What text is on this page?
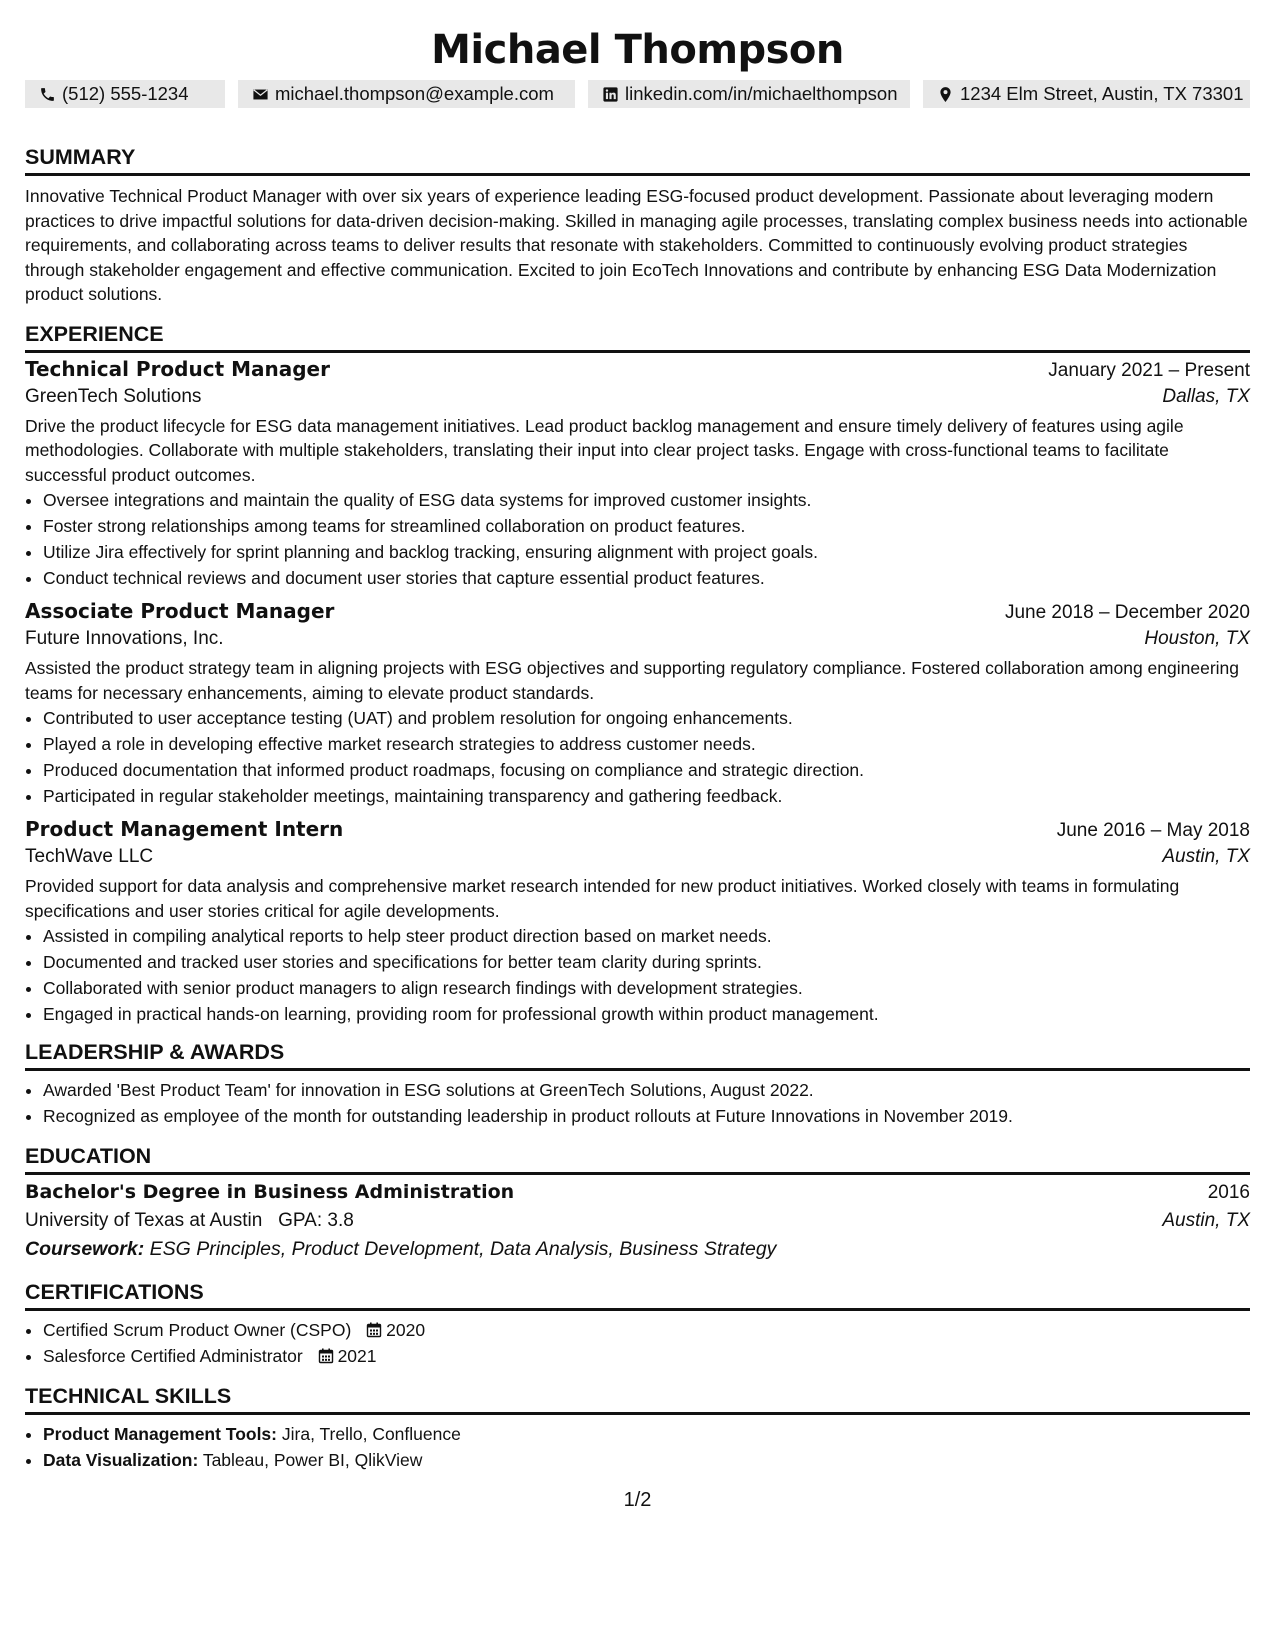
Michael Thompson
(512) 555-1234	michael.thompson@example.com	linkedin.com/in/michaelthompson	1234 Elm Street, Austin, TX 73301
SUMMARY

Innovative Technical Product Manager with over six years of experience leading ESG-focused product development. Passionate about leveraging modern practices to drive impactful solutions for data-driven decision-making. Skilled in managing agile processes, translating complex business needs into actionable requirements, and collaborating across teams to deliver results that resonate with stakeholders. Committed to continuously evolving product strategies through stakeholder engagement and effective communication. Excited to join EcoTech Innovations and contribute by enhancing ESG Data Modernization product solutions.

EXPERIENCE
Technical Product Manager	January 2021 – Present
GreenTech Solutions	Dallas, TX

Drive the product lifecycle for ESG data management initiatives. Lead product backlog management and ensure timely delivery of features using agile methodologies. Collaborate with multiple stakeholders, translating their input into clear project tasks. Engage with cross-functional teams to facilitate successful product outcomes.

• Oversee integrations and maintain the quality of ESG data systems for improved customer insights.
• Foster strong relationships among teams for streamlined collaboration on product features.
• Utilize Jira effectively for sprint planning and backlog tracking, ensuring alignment with project goals.
• Conduct technical reviews and document user stories that capture essential product features.
Associate Product Manager	June 2018 – December 2020
Future Innovations, Inc.	Houston, TX

Assisted the product strategy team in aligning projects with ESG objectives and supporting regulatory compliance. Fostered collaboration among engineering teams for necessary enhancements, aiming to elevate product standards.

• Contributed to user acceptance testing (UAT) and problem resolution for ongoing enhancements.
• Played a role in developing effective market research strategies to address customer needs.
• Produced documentation that informed product roadmaps, focusing on compliance and strategic direction.
• Participated in regular stakeholder meetings, maintaining transparency and gathering feedback.
Product Management Intern	June 2016 – May 2018
TechWave LLC	Austin, TX

Provided support for data analysis and comprehensive market research intended for new product initiatives. Worked closely with teams in formulating specifications and user stories critical for agile developments.

• Assisted in compiling analytical reports to help steer product direction based on market needs.
• Documented and tracked user stories and specifications for better team clarity during sprints.
• Collaborated with senior product managers to align research findings with development strategies.
• Engaged in practical hands-on learning, providing room for professional growth within product management.
LEADERSHIP & AWARDS
• Awarded 'Best Product Team' for innovation in ESG solutions at GreenTech Solutions, August 2022.
• Recognized as employee of the month for outstanding leadership in product rollouts at Future Innovations in November 2019.
EDUCATION
Bachelor's Degree in Business Administration	2016
University of Texas at Austin GPA: 3.8	Austin, TX
Coursework: ESG Principles, Product Development, Data Analysis, Business Strategy
CERTIFICATIONS
• Certified Scrum Product Owner (CSPO) 2020
• Salesforce Certified Administrator 2021
TECHNICAL SKILLS
• Product Management Tools: Jira, Trello, Confluence
• Data Visualization: Tableau, Power BI, QlikView
1/2
